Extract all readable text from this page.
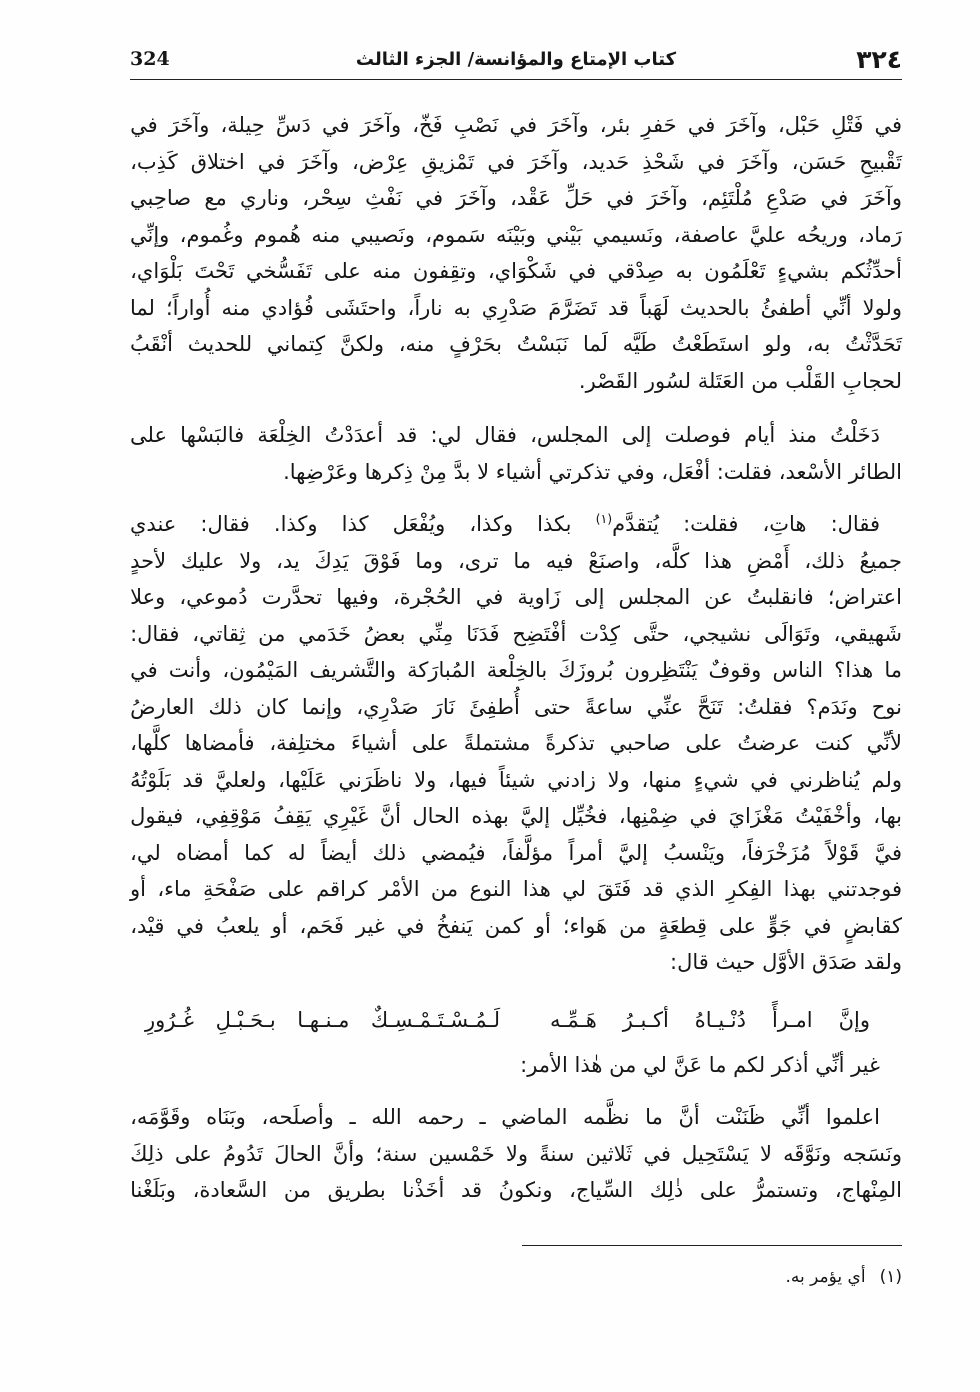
٣٢٤
كتاب الإمتاع والمؤانسة/ الجزء الثالث
324
في
فَتْلِ
حَبْل،
وآخَرَ
في
حَفرِ
بئر،
وآخَرَ
في
نَصْبِ
فَخّ،
وآخَرَ
في
دَسِّ
حِيلة،
وآخَرَ
في
تَقْبيحِ
حَسَن،
وآخَرَ
في
شَحْذِ
حَديد،
وآخَرَ
في
تَمْزيقِ
عِرْض،
وآخَرَ
في
اختلاق
كَذِب،
وآخَرَ
في
صَدْعِ
مُلْتَئِم،
وآخَرَ
في
حَلِّ
عَقْد،
وآخَرَ
في
نَفْثِ
سِحْر،
وناري
مع
صاحِبي
رَماد،
وريحُه
عليَّ
عاصفة،
ونَسيمي
بَيْني
وبَيْنَه
سَموم،
ونَصيبي
منه
هُموم
وغُموم،
وإنِّي
أحدِّثُكم
بشيءٍ
تَعْلَمُون
به
صِدْقي
في
شَكْوَاي،
وتقِفون
منه
على
تَفَسُّخي
تَحْتَ
بَلْوَاي،
ولولا
أنِّي
أطفئُ
بالحديث
لَهَباً
قد
تَضَرَّمَ
صَدْرِي
به
ناراً،
واحتَشَى
فُؤادي
منه
أُواراً؛
لما
تَحَدَّثْتُ
به،
ولو
استَطَعْتُ
طَيَّه
لَما
نَبَسْتُ
بحَرْفٍ
منه،
ولكنَّ
كِتماني
للحديث
أنْقَبُ
لحجابِ القَلْب من العَتَلة لسُور القَصْر.
دَخَلْتُ
منذ
أيام
فوصلت
إلى
المجلس،
فقال
لي:
قد
أعدَدْتُ
الخِلْعَة
فالبَسْها
على
الطائر الأسْعد، فقلت: أفْعَل، وفي تذكرتي أشياء لا بدَّ مِنْ ذِكرها وعَرْضِها.
فقال:
هاتِ،
فقلت:
يُتقدَّم$^{(١)}$
بكذا
وكذا،
ويُفْعَل
كذا
وكذا.
فقال:
عندي
جميعُ
ذلك،
أَمْضِ
هذا
كلَّه،
واصنَعْ
فيه
ما
ترى،
وما
فَوْقَ
يَدِكَ
يد،
ولا
عليك
لأحدٍ
اعتراض؛
فانقلبتُ
عن
المجلس
إلى
زَاوية
في
الحُجْرة،
وفيها
تحدَّرت
دُموعي،
وعلا
شَهيقي،
وتَوَالَى
نشيجي،
حتَّى
كِدْت
أفْتَضِح
فَدَنَا
مِنِّي
بعضُ
خَدَمي
من
ثِقاتي،
فقال:
ما
هذا؟
الناس
وقوفٌ
يَنْتَظِرون
بُروزَكَ
بالخِلْعة
المُبارَكة
والتَّشريف
المَيْمُون،
وأنت
في
نوح
ونَدَم؟
فقلتُ:
تَنَحَّ
عنِّي
ساعةً
حتى
أُطفِئَ
نَارَ
صَدْرِي،
وإنما
كان
ذلك
العارضُ
لأنِّي
كنت
عرضتُ
على
صاحبي
تذكرةً
مشتملةً
على
أشياءَ
مختلِفة،
فأمضاها
كلَّها،
ولم
يُناظرني
في
شيءٍ
منها،
ولا
زادني
شيئاً
فيها،
ولا
ناظَرَني
عَلَيْها،
ولعليَّ
قد
بَلَوْتُهُ
بها،
وأخْفَيْتُ
مَغْزَايَ
في
ضِمْنِها،
فخُيِّل
إليَّ
بهذه
الحال
أنَّ
غَيْرِي
يَقِفُ
مَوْقِفِي،
فيقول
فيَّ
قَوْلاً
مُزَخْرَفاً،
ويَنْسبُ
إليَّ
أمراً
مؤلَّفاً،
فيُمضي
ذلك
أيضاً
له
كما
أمضاه
لي،
فوجدتني
بهذا
الفِكرِ
الذي
قد
فَتَقَ
لي
هذا
النوع
من
الأمْر
كراقم
على
صَفْحَةِ
ماء،
أو
كقابضٍ
في
جَوٍّ
على
قِطعَةٍ
من
هَواء؛
أو
كمن
يَنفخُ
في
غير
فَحَم،
أو
يلعبُ
في
قيْد،
ولقد صَدَق الأوَّل حيث قال:
وإنَّ
امـرأً
دُنْـيـاهُ
أكـبـرُ
هَـمِّـه
لَـمُـسْـتَـمْـسِـكٌ
مـنـهـا
بـحَـبْـلِ
غُـرُورِ
غير أنِّي أذكر لكم ما عَنَّ لي من هٰذا الأمر:
اعلموا
أنِّي
ظَنَنْت
أنَّ
ما
نظَّمه
الماضي
ـ
رحمه
الله
ـ
وأصلَحه،
وبَنَاه
وقَوَّمَه،
ونَسَجه
ونَوَّقَه
لا
يَسْتَحِيل
في
ثَلاثين
سنةً
ولا
خَمْسين
سنة؛
وأنَّ
الحالَ
تَدُومُ
على
ذلِكَ
المِنْهاج،
وتستمرُّ
على
ذٰلِك
السِّياج،
ونكونُ
قد
أخَذْنا
بطريق
من
السَّعادة،
وبَلَغْنا
(١)أي يؤمر به.
